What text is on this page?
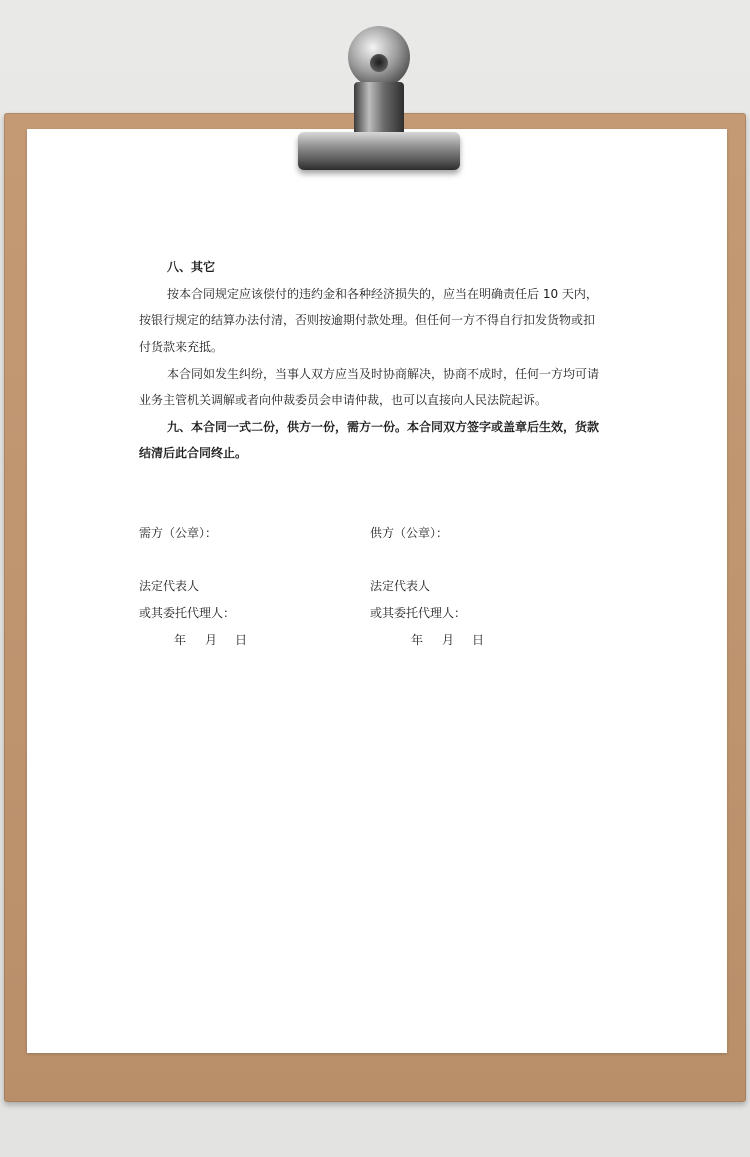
八、其它
按本合同规定应该偿付的违约金和各种经济损失的，应当在明确责任后 10 天内，
按银行规定的结算办法付清，否则按逾期付款处理。但任何一方不得自行扣发货物或扣
付货款来充抵。
本合同如发生纠纷，当事人双方应当及时协商解决，协商不成时，任何一方均可请
业务主管机关调解或者向仲裁委员会申请仲裁，也可以直接向人民法院起诉。
九、本合同一式二份，供方一份，需方一份。本合同双方签字或盖章后生效，货款
结清后此合同终止。
需方（公章）：
法定代表人
或其委托代理人：
年 月 日
供方（公章）：
法定代表人
或其委托代理人：
年 月 日
